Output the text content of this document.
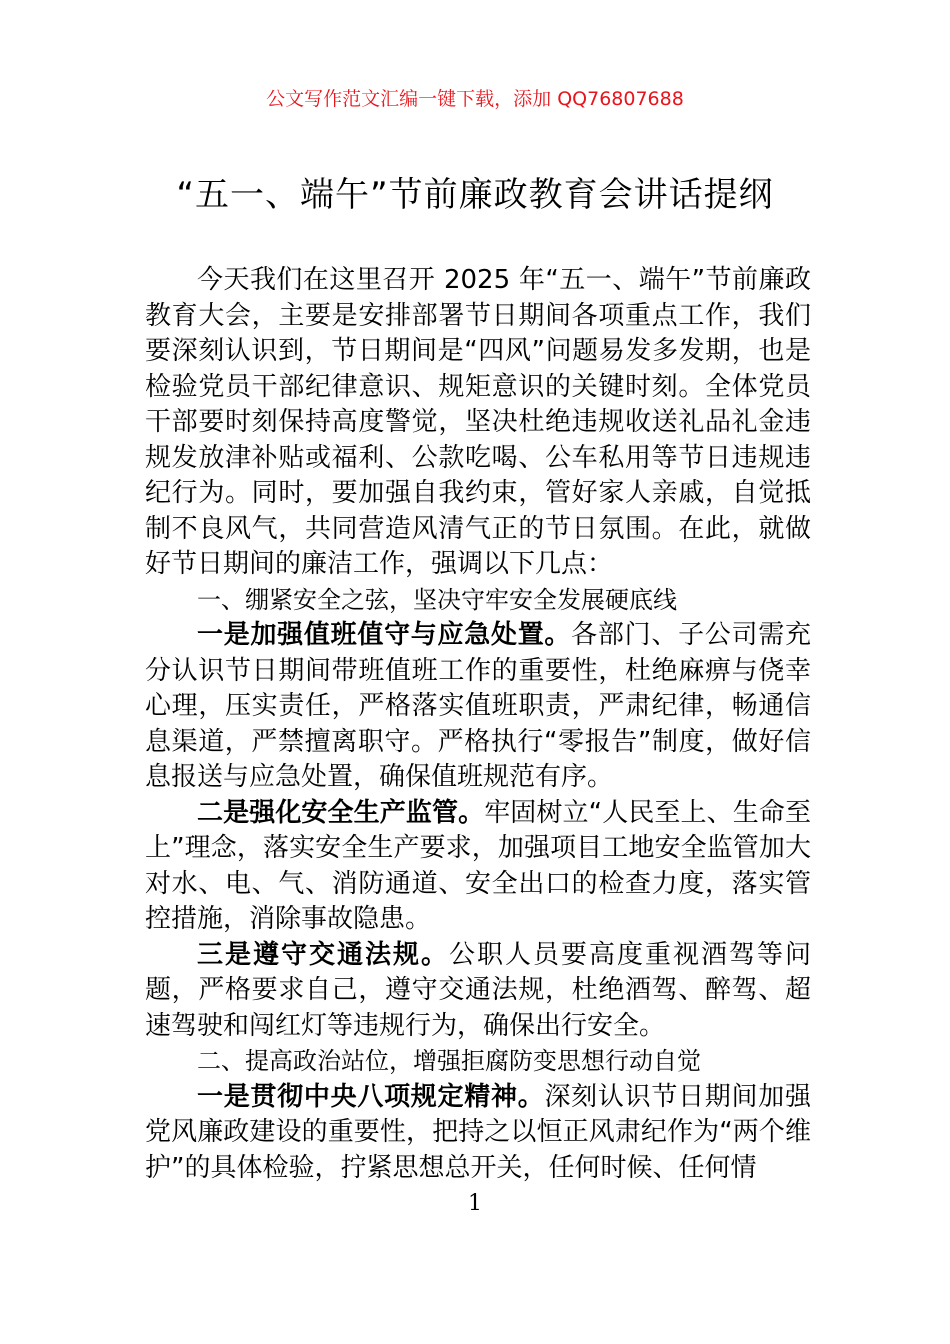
公文写作范文汇编一键下载，添加 QQ76807688
“五一、端午”节前廉政教育会讲话提纲

今天我们在这里召开 2025 年“五一、端午”节前廉政教育大会，主要是安排部署节日期间各项重点工作，我们要深刻认识到，节日期间是“四风”问题易发多发期，也是检验党员干部纪律意识、规矩意识的关键时刻。全体党员干部要时刻保持高度警觉，坚决杜绝违规收送礼品礼金违规发放津补贴或福利、公款吃喝、公车私用等节日违规违纪行为。同时，要加强自我约束，管好家人亲戚，自觉抵制不良风气，共同营造风清气正的节日氛围。在此，就做好节日期间的廉洁工作，强调以下几点：

一、绷紧安全之弦，坚决守牢安全发展硬底线

一是加强值班值守与应急处置。各部门、子公司需充分认识节日期间带班值班工作的重要性，杜绝麻痹与侥幸心理，压实责任，严格落实值班职责，严肃纪律，畅通信息渠道，严禁擅离职守。严格执行“零报告”制度，做好信息报送与应急处置，确保值班规范有序。

二是强化安全生产监管。牢固树立“人民至上、生命至上”理念，落实安全生产要求，加强项目工地安全监管加大对水、电、气、消防通道、安全出口的检查力度，落实管控措施，消除事故隐患。

三是遵守交通法规。公职人员要高度重视酒驾等问题，严格要求自己，遵守交通法规，杜绝酒驾、醉驾、超速驾驶和闯红灯等违规行为，确保出行安全。

二、提高政治站位，增强拒腐防变思想行动自觉

一是贯彻中央八项规定精神。深刻认识节日期间加强党风廉政建设的重要性，把持之以恒正风肃纪作为“两个维护”的具体检验，拧紧思想总开关，任何时候、任何情

1
